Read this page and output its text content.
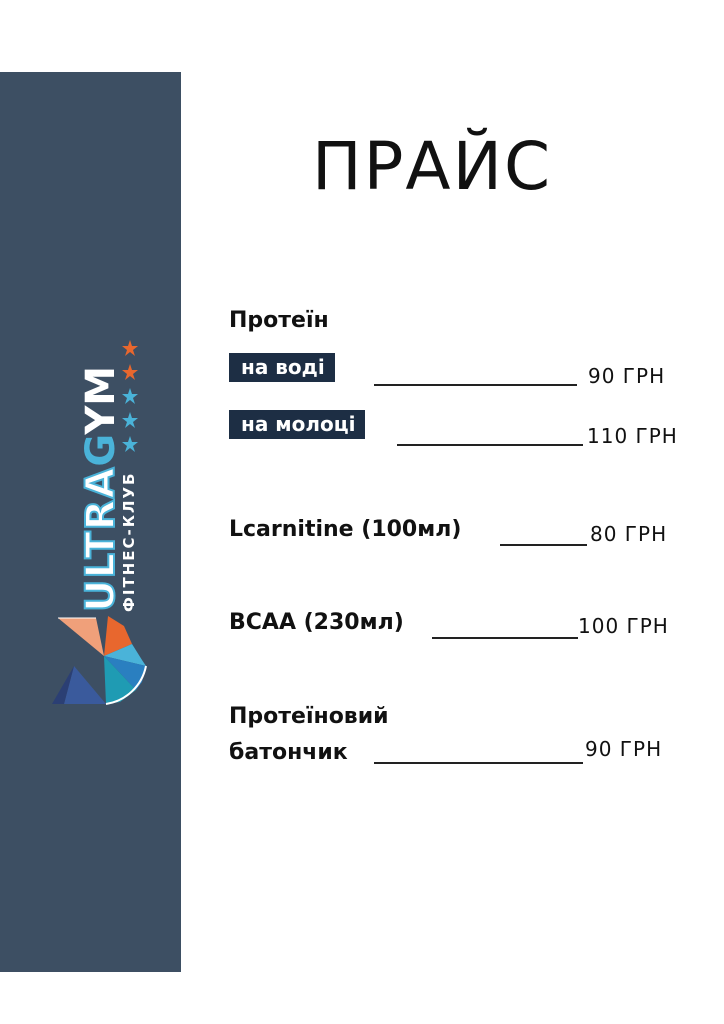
ULTRAGYM
ФІТНЕС-КЛУБ
ПРАЙС
Протеїн
на воді	90 ГРН
на молоці	110 ГРН
Lcarnitine (100мл)	80 ГРН
BCAA (230мл)	100 ГРН
Протеїновий
батончик	90 ГРН
